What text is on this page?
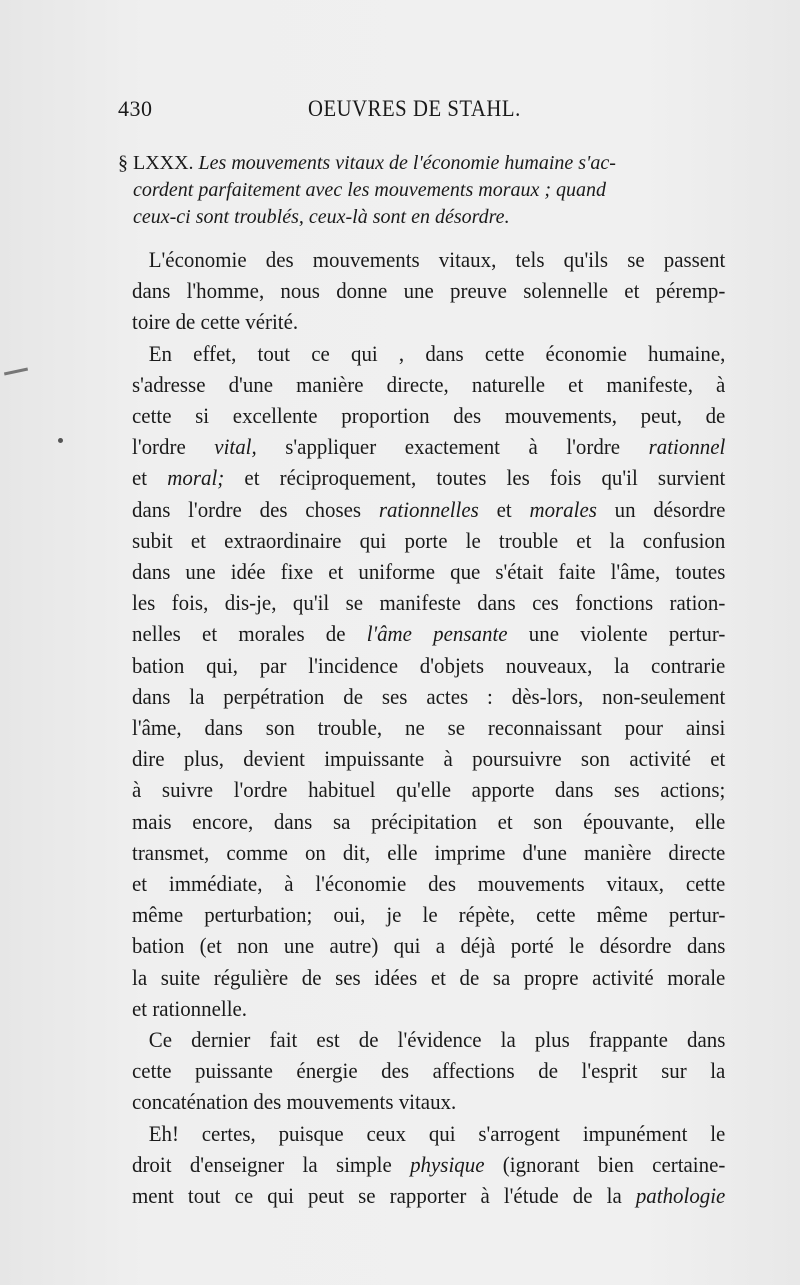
430	OEUVRES DE STAHL.
§ LXXX. Les mouvements vitaux de l'économie humaine s'ac-
cordent parfaitement avec les mouvements moraux ; quand
ceux-ci sont troublés, ceux-là sont en désordre.
L'économie des mouvements vitaux, tels qu'ils se passent
dans l'homme, nous donne une preuve solennelle et péremp-
toire de cette vérité.
En effet, tout ce qui , dans cette économie humaine,
s'adresse d'une manière directe, naturelle et manifeste, à
cette si excellente proportion des mouvements, peut, de
l'ordre vital, s'appliquer exactement à l'ordre rationnel
et moral; et réciproquement, toutes les fois qu'il survient
dans l'ordre des choses rationnelles et morales un désordre
subit et extraordinaire qui porte le trouble et la confusion
dans une idée fixe et uniforme que s'était faite l'âme, toutes
les fois, dis-je, qu'il se manifeste dans ces fonctions ration-
nelles et morales de l'âme pensante une violente pertur-
bation qui, par l'incidence d'objets nouveaux, la contrarie
dans la perpétration de ses actes : dès-lors, non-seulement
l'âme, dans son trouble, ne se reconnaissant pour ainsi
dire plus, devient impuissante à poursuivre son activité et
à suivre l'ordre habituel qu'elle apporte dans ses actions;
mais encore, dans sa précipitation et son épouvante, elle
transmet, comme on dit, elle imprime d'une manière directe
et immédiate, à l'économie des mouvements vitaux, cette
même perturbation; oui, je le répète, cette même pertur-
bation (et non une autre) qui a déjà porté le désordre dans
la suite régulière de ses idées et de sa propre activité morale
et rationnelle.
Ce dernier fait est de l'évidence la plus frappante dans
cette puissante énergie des affections de l'esprit sur la
concaténation des mouvements vitaux.
Eh! certes, puisque ceux qui s'arrogent impunément le
droit d'enseigner la simple physique (ignorant bien certaine-
ment tout ce qui peut se rapporter à l'étude de la pathologie
